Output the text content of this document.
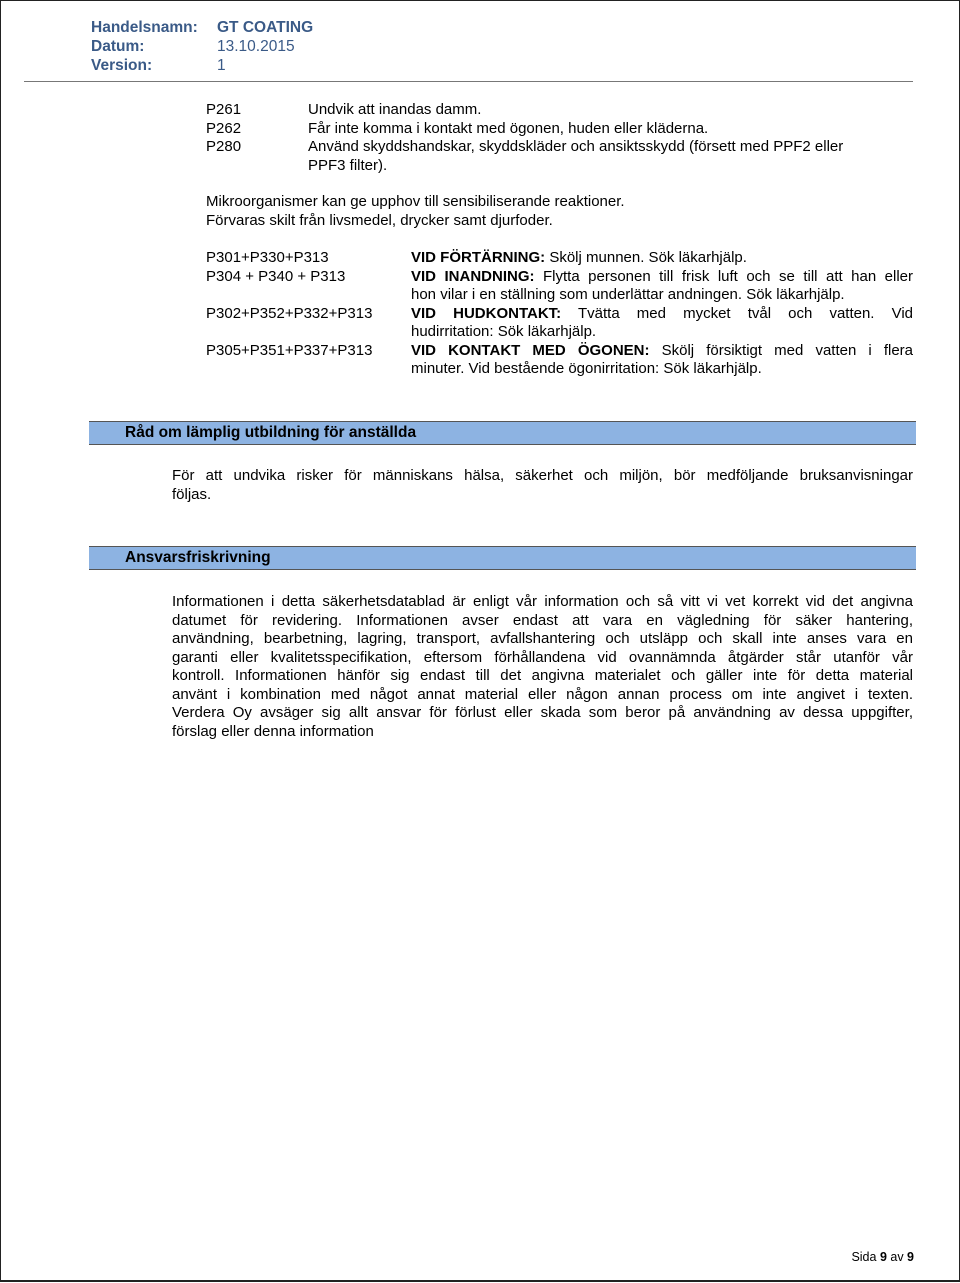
Handelsnamn: GT COATING
Datum:	13.10.2015
Version:	1
P261	Undvik att inandas damm.
P262	Får inte komma i kontakt med ögonen, huden eller kläderna.
P280	Använd skyddshandskar, skyddskläder och ansiktsskydd (försett med PPF2 eller
PPF3 filter).
Mikroorganismer kan ge upphov till sensibiliserande reaktioner.
Förvaras skilt från livsmedel, drycker samt djurfoder.
P301+P330+P313	VID FÖRTÄRNING: Skölj munnen. Sök läkarhjälp.
P304 + P340 + P313	VID INANDNING: Flytta personen till frisk luft och se till att han eller
hon vilar i en ställning som underlättar andningen. Sök läkarhjälp.
P302+P352+P332+P313	VID HUDKONTAKT: Tvätta med mycket tvål och vatten. Vid
hudirritation: Sök läkarhjälp.
P305+P351+P337+P313	VID KONTAKT MED ÖGONEN: Skölj försiktigt med vatten i flera
minuter. Vid bestående ögonirritation: Sök läkarhjälp.
Råd om lämplig utbildning för anställda
För att undvika risker för människans hälsa, säkerhet och miljön, bör medföljande bruksanvisningar
följas.
Ansvarsfriskrivning
Informationen i detta säkerhetsdatablad är enligt vår information och så vitt vi vet korrekt vid det angivna
datumet för revidering. Informationen avser endast att vara en vägledning för säker hantering,
användning, bearbetning, lagring, transport, avfallshantering och utsläpp och skall inte anses vara en
garanti eller kvalitetsspecifikation, eftersom förhållandena vid ovannämnda åtgärder står utanför vår
kontroll. Informationen hänför sig endast till det angivna materialet och gäller inte för detta material
använt i kombination med något annat material eller någon annan process om inte angivet i texten.
Verdera Oy avsäger sig allt ansvar för förlust eller skada som beror på användning av dessa uppgifter,
förslag eller denna information
Sida 9 av 9
